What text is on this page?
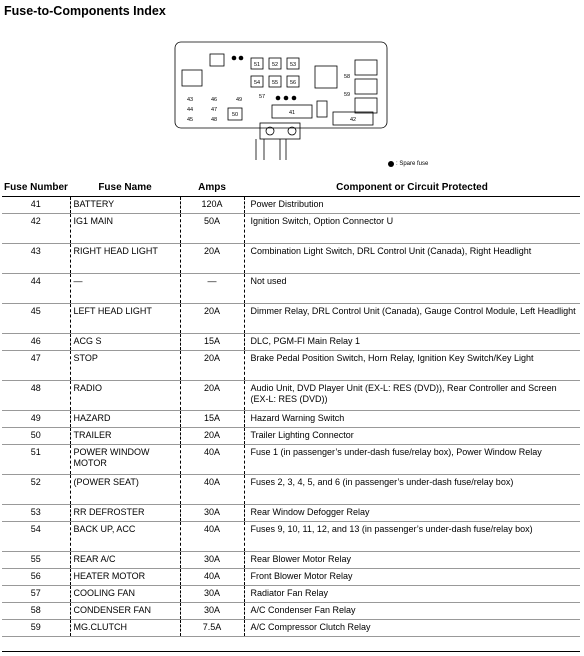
Fuse-to-Components Index
51 52 53
54 55 56
57
58
59
50	41
42
43
44
45
46
47
48
49
: Spare fuse
Fuse Number	Fuse Name	Amps	Component or Circuit Protected
41	BATTERY	120A	Power Distribution
42	IG1 MAIN	50A	Ignition Switch, Option Connector U
43	RIGHT HEAD LIGHT	20A	Combination Light Switch, DRL Control Unit (Canada), Right Headlight
44	—	—	Not used
45	LEFT HEAD LIGHT	20A	Dimmer Relay, DRL Control Unit (Canada), Gauge Control Module, Left Headlight
46	ACG S	15A	DLC, PGM-FI Main Relay 1
47	STOP	20A	Brake Pedal Position Switch, Horn Relay, Ignition Key Switch/Key Light
48	RADIO	20A	Audio Unit, DVD Player Unit (EX-L: RES (DVD)), Rear Controller and Screen (EX-L: RES (DVD))
49	HAZARD	15A	Hazard Warning Switch
50	TRAILER	20A	Trailer Lighting Connector
51	POWER WINDOW MOTOR	40A	Fuse 1 (in passenger’s under-dash fuse/relay box), Power Window Relay
52	(POWER SEAT)	40A	Fuses 2, 3, 4, 5, and 6 (in passenger’s under-dash fuse/relay box)
53	RR DEFROSTER	30A	Rear Window Defogger Relay
54	BACK UP, ACC	40A	Fuses 9, 10, 11, 12, and 13 (in passenger’s under-dash fuse/relay box)
55	REAR A/C	30A	Rear Blower Motor Relay
56	HEATER MOTOR	40A	Front Blower Motor Relay
57	COOLING FAN	30A	Radiator Fan Relay
58	CONDENSER FAN	30A	A/C Condenser Fan Relay
59	MG.CLUTCH	7.5A	A/C Compressor Clutch Relay
